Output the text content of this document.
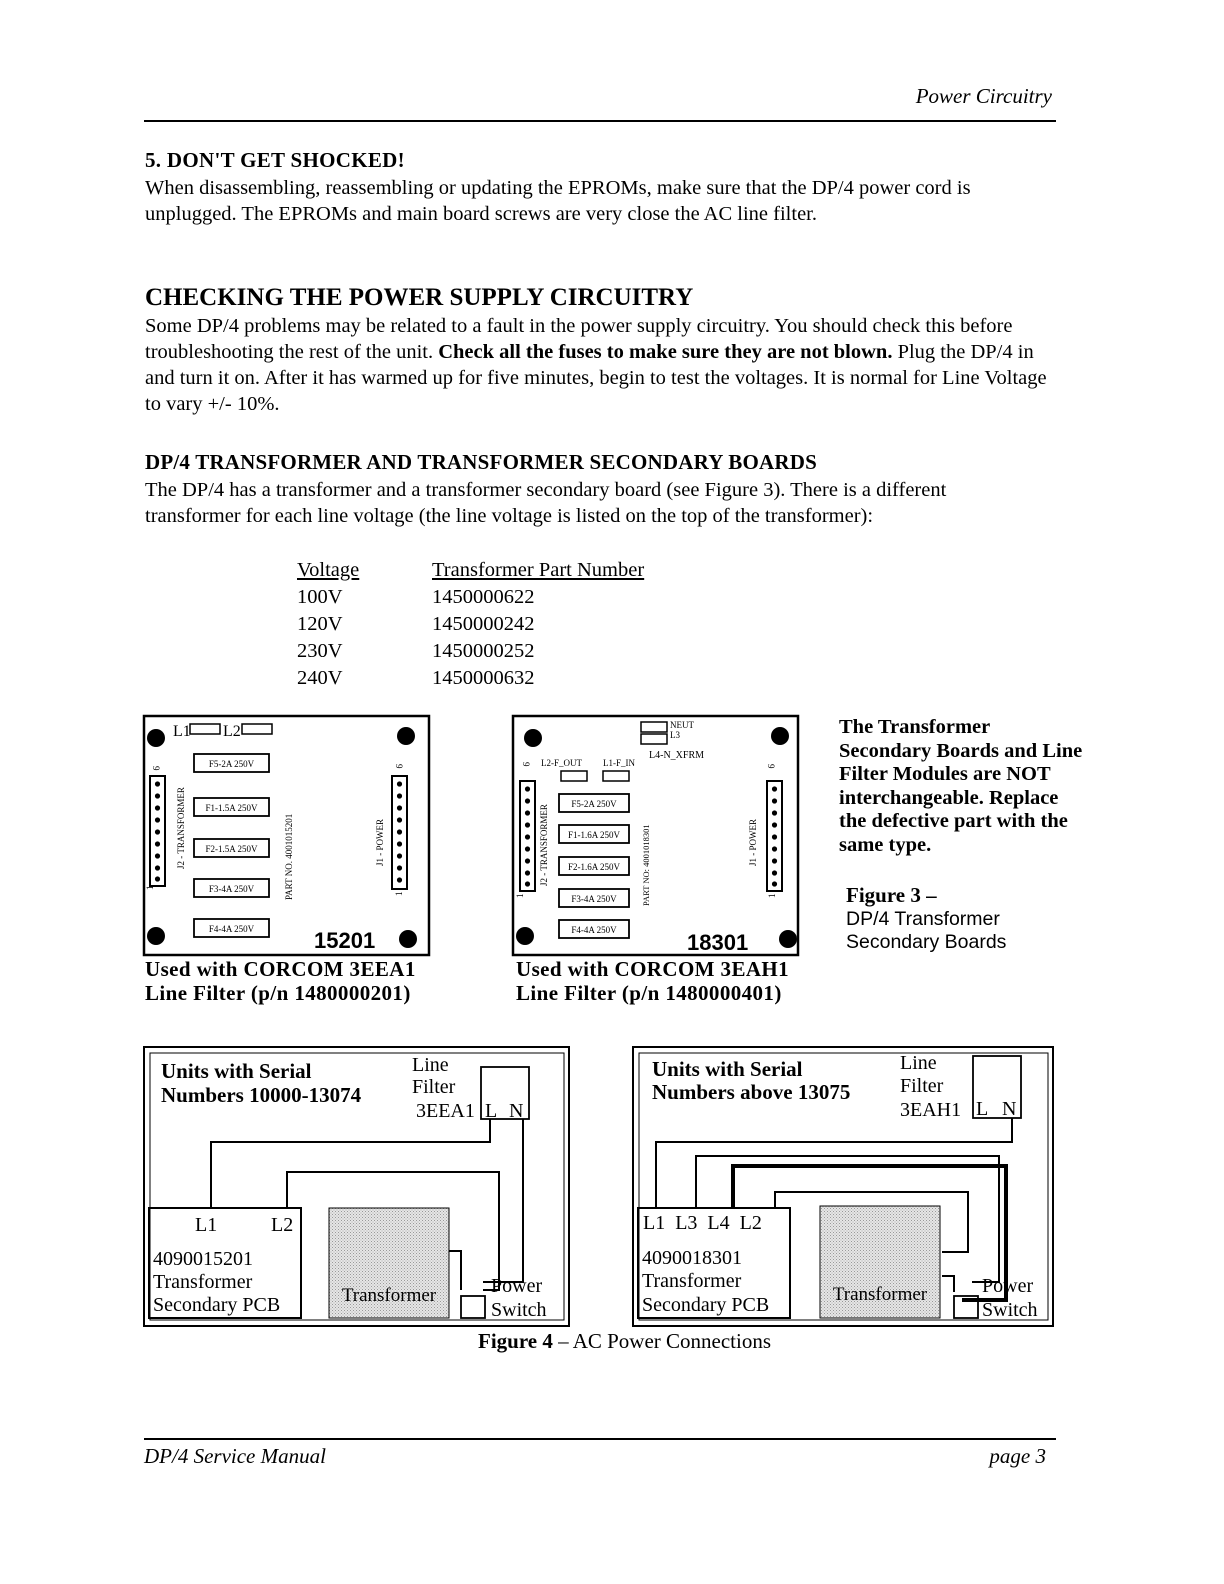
Power Circuitry
5. DON'T GET SHOCKED!
When disassembling, reassembling or updating the EPROMs, make sure that the DP/4 power cord is unplugged. The EPROMs and main board screws are very close the AC line filter.
CHECKING THE POWER SUPPLY CIRCUITRY
Some DP/4 problems may be related to a fault in the power supply circuitry. You should check this before troubleshooting the rest of the unit. Check all the fuses to make sure they are not blown. Plug the DP/4 in and turn it on. After it has warmed up for five minutes, begin to test the voltages. It is normal for Line Voltage to vary +/- 10%.
DP/4 TRANSFORMER AND TRANSFORMER SECONDARY BOARDS
The DP/4 has a transformer and a transformer secondary board (see Figure 3). There is a different transformer for each line voltage (the line voltage is listed on the top of the transformer):
Voltage	Transformer Part Number
100V	1450000622
120V	1450000242
230V	1450000252
240V	1450000632
L1 L2
F5-2A 250V
F1-1.5A 250V
F2-1.5A 250V
F3-4A 250V
F4-4A 250V
9
1
J2 - TRANSFORMER	PART NO. 4001015201
9
1
J1 - POWER
15201
Used with CORCOM 3EEA1
Line Filter (p/n 1480000201)
NEUT
L3
L4-N_XFRM
L2-F_OUT L1-F_IN
F5-2A 250V
F1-1.6A 250V
F2-1.6A 250V
F3-4A 250V
F4-4A 250V
9
1
J2 - TRANSFORMER	PART NO: 4001018301
9
1
J1 - POWER
18301
Used with CORCOM 3EAH1
Line Filter (p/n 1480000401)
The Transformer Secondary Boards and Line Filter Modules are NOT interchangeable. Replace the defective part with the same type.
Figure 3 –
DP/4 Transformer
Secondary Boards
Units with Serial
Numbers 10000-13074
Line
Filter
3EEA1 L N
L1	L2
4090015201
Transformer
Secondary PCB	Transformer	Power
Switch
Units with Serial
Numbers above 13075
Line
Filter
3EAH1 L N
L1  L3  L4  L2
4090018301
Transformer
Secondary PCB	Transformer	Power
Switch
Figure 4 – AC Power Connections
DP/4 Service Manual	page 3
